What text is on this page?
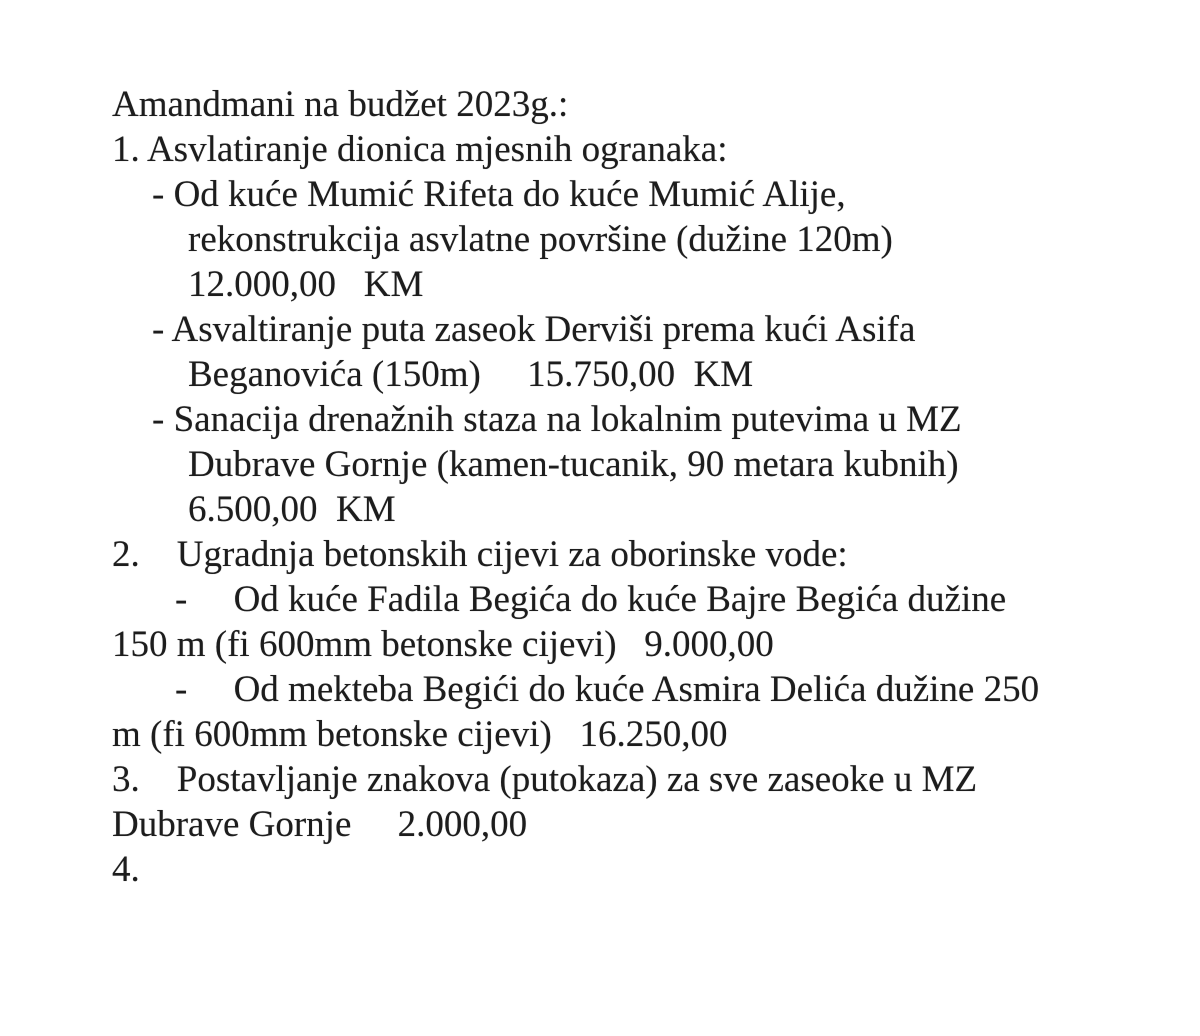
Amandmani na budžet 2023g.:
1. Asvlatiranje dionica mjesnih ogranaka:
- Od kuće Mumić Rifeta do kuće Mumić Alije,
rekonstrukcija asvlatne površine (dužine 120m)
12.000,00   KM
- Asvaltiranje puta zaseok Derviši prema kući Asifa
Beganovića (150m)     15.750,00  KM
- Sanacija drenažnih staza na lokalnim putevima u MZ
Dubrave Gornje (kamen-tucanik, 90 metara kubnih)
6.500,00  KM
2.    Ugradnja betonskih cijevi za oborinske vode:
-     Od kuće Fadila Begića do kuće Bajre Begića dužine
150 m (fi 600mm betonske cijevi)   9.000,00
-     Od mekteba Begići do kuće Asmira Delića dužine 250
m (fi 600mm betonske cijevi)   16.250,00
3.    Postavljanje znakova (putokaza) za sve zaseoke u MZ
Dubrave Gornje     2.000,00
4.
